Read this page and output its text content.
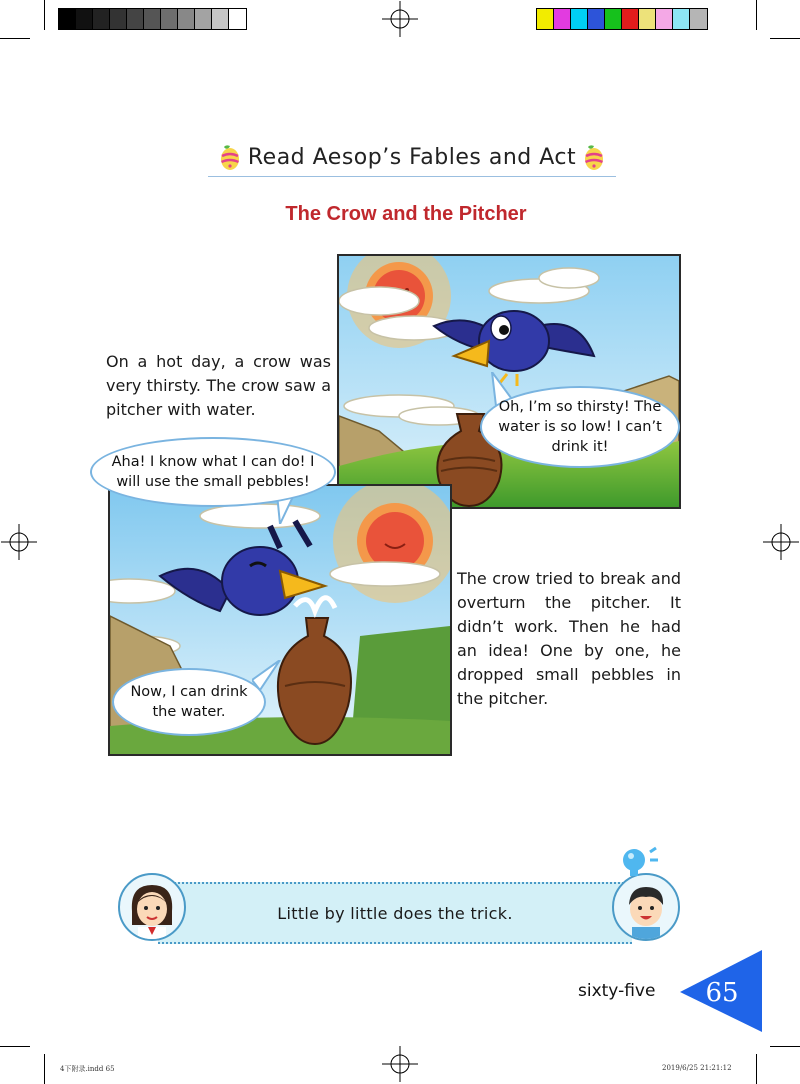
Read Aesop’s Fables and Act
The Crow and the Pitcher
On a hot day, a crow was very thirsty. The crow saw a pitcher with water.
The crow tried to break and overturn the pitcher. It didn’t work. Then he had an idea! One by one, he dropped small pebbles in the pitcher.
Oh, I’m so thirsty! The water is so low! I can’t drink it!
Aha! I know what I can do! I will use the small pebbles!
Now, I can drink the water.
Little by little does the trick.
sixty-five 65
4下附录.indd 65	2019/6/25 21:21:12
